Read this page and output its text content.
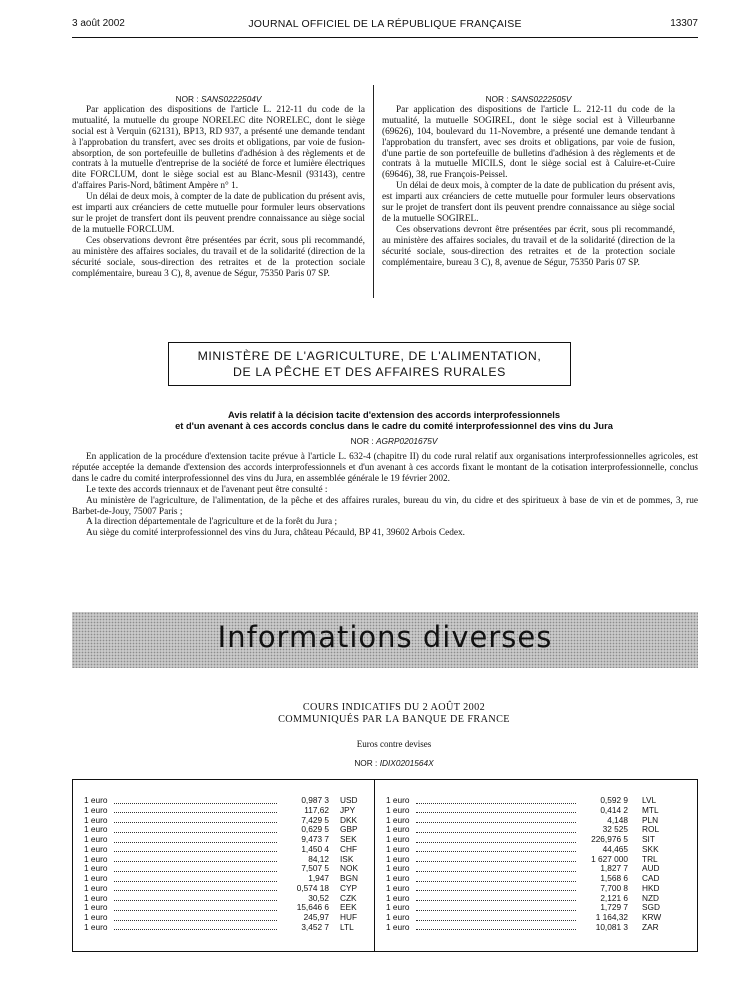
3 août 2002	JOURNAL OFFICIEL DE LA RÉPUBLIQUE FRANÇAISE	13307

NOR : SANS0222504V

Par application des dispositions de l'article L. 212-11 du code de la mutualité, la mutuelle du groupe NORELEC dite NORELEC, dont le siège social est à Verquin (62131), BP13, RD 937, a présenté une demande tendant à l'approbation du transfert, avec ses droits et obligations, par voie de fusion-absorption, de son portefeuille de bulletins d'adhésion à des règlements et de contrats à la mutuelle d'entreprise de la société de force et lumière électriques dite FORCLUM, dont le siège social est au Blanc-Mesnil (93143), centre d'affaires Paris-Nord, bâtiment Ampère n° 1.

Un délai de deux mois, à compter de la date de publication du présent avis, est imparti aux créanciers de cette mutuelle pour formuler leurs observations sur le projet de transfert dont ils peuvent prendre connaissance au siège social de la mutuelle FORCLUM.

Ces observations devront être présentées par écrit, sous pli recommandé, au ministère des affaires sociales, du travail et de la solidarité (direction de la sécurité sociale, sous-direction des retraites et de la protection sociale complémentaire, bureau 3 C), 8, avenue de Ségur, 75350 Paris 07 SP.

NOR : SANS0222505V

Par application des dispositions de l'article L. 212-11 du code de la mutualité, la mutuelle SOGIREL, dont le siège social est à Villeurbanne (69626), 104, boulevard du 11-Novembre, a présenté une demande tendant à l'approbation du transfert, avec ses droits et obligations, par voie de fusion, d'une partie de son portefeuille de bulletins d'adhésion à des règlements et de contrats à la mutuelle MICILS, dont le siège social est à Caluire-et-Cuire (69646), 38, rue François-Peissel.

Un délai de deux mois, à compter de la date de publication du présent avis, est imparti aux créanciers de cette mutuelle pour formuler leurs observations sur le projet de transfert dont ils peuvent prendre connaissance au siège social de la mutuelle SOGIREL.

Ces observations devront être présentées par écrit, sous pli recommandé, au ministère des affaires sociales, du travail et de la solidarité (direction de la sécurité sociale, sous-direction des retraites et de la protection sociale complémentaire, bureau 3 C), 8, avenue de Ségur, 75350 Paris 07 SP.

MINISTÈRE DE L'AGRICULTURE, DE L'ALIMENTATION,
DE LA PÊCHE ET DES AFFAIRES RURALES
Avis relatif à la décision tacite d'extension des accords interprofessionnels
et d'un avenant à ces accords conclus dans le cadre du comité interprofessionnel des vins du Jura
NOR : AGRP0201675V

En application de la procédure d'extension tacite prévue à l'article L. 632-4 (chapitre II) du code rural relatif aux organisations interprofessionnelles agricoles, est réputée acceptée la demande d'extension des accords interprofessionnels et d'un avenant à ces accords fixant le montant de la cotisation interprofessionnelle, conclus dans le cadre du comité interprofessionnel des vins du Jura, en assemblée générale le 19 février 2002.

Le texte des accords triennaux et de l'avenant peut être consulté :

Au ministère de l'agriculture, de l'alimentation, de la pêche et des affaires rurales, bureau du vin, du cidre et des spiritueux à base de vin et de pommes, 3, rue Barbet-de-Jouy, 75007 Paris ;

A la direction départementale de l'agriculture et de la forêt du Jura ;

Au siège du comité interprofessionnel des vins du Jura, château Pécauld, BP 41, 39602 Arbois Cedex.

Informations diverses
COURS INDICATIFS DU 2 AOÛT 2002
COMMUNIQUÉS PAR LA BANQUE DE FRANCE
Euros contre devises
NOR : IDIX0201564X
1 euro	0,987 3 USD
1 euro	117,62 JPY
1 euro	7,429 5 DKK
1 euro	0,629 5 GBP
1 euro	9,473 7 SEK
1 euro	1,450 4 CHF
1 euro	84,12 ISK
1 euro	7,507 5 NOK
1 euro	1,947 BGN
1 euro	0,574 18 CYP
1 euro	30,52 CZK
1 euro	15,646 6 EEK
1 euro	245,97 HUF
1 euro	3,452 7 LTL
1 euro	0,592 9 LVL
1 euro	0,414 2 MTL
1 euro	4,148 PLN
1 euro	32 525 ROL
1 euro	226,976 5 SIT
1 euro	44,465 SKK
1 euro	1 627 000 TRL
1 euro	1,827 7 AUD
1 euro	1,568 6 CAD
1 euro	7,700 8 HKD
1 euro	2,121 6 NZD
1 euro	1,729 7 SGD
1 euro	1 164,32 KRW
1 euro	10,081 3 ZAR
